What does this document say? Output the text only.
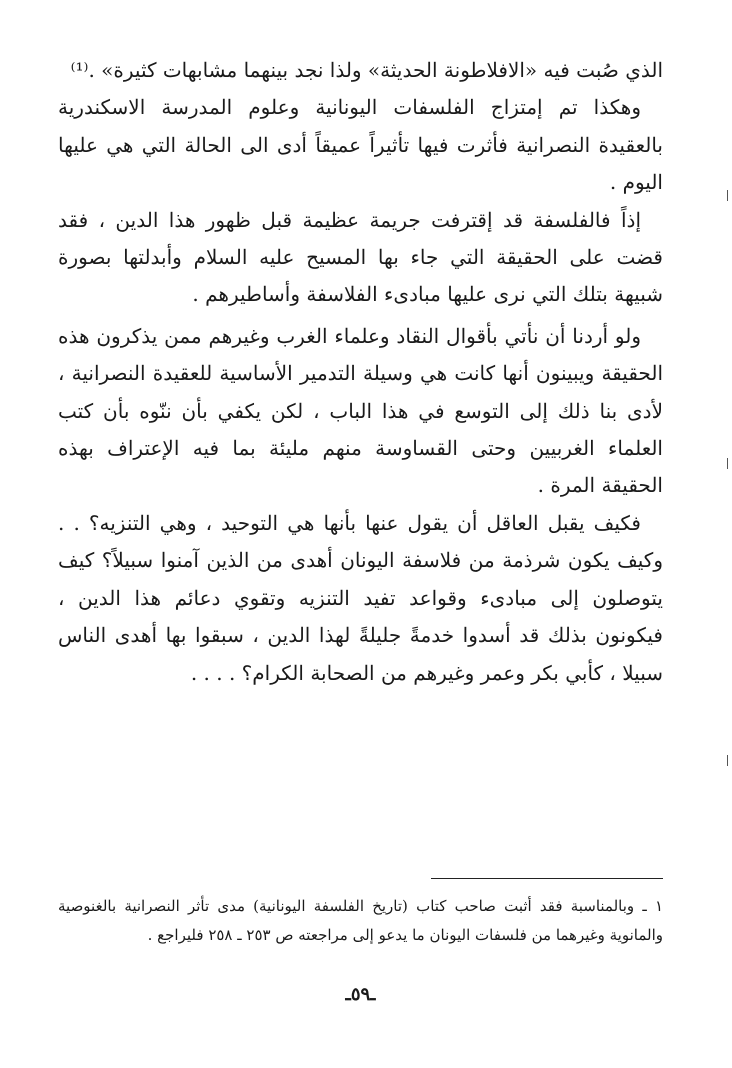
الذي صُبت فيه «الافلاطونة الحديثة» ولذا نجد بينهما مشابهات كثيرة» .⁽¹⁾

وهكذا تم إمتزاج الفلسفات اليونانية وعلوم المدرسة الاسكندرية بالعقيدة النصرانية فأثرت فيها تأثيراً عميقاً أدى الى الحالة التي هي عليها اليوم .

إذاً فالفلسفة قد إقترفت جريمة عظيمة قبل ظهور هذا الدين ، فقد قضت على الحقيقة التي جاء بها المسيح عليه السلام وأبدلتها بصورة شبيهة بتلك التي نرى عليها مبادىء الفلاسفة وأساطيرهم .

ولو أردنا أن نأتي بأقوال النقاد وعلماء الغرب وغيرهم ممن يذكرون هذه الحقيقة ويبينون أنها كانت هي وسيلة التدمير الأساسية للعقيدة النصرانية ، لأدى بنا ذلك إلى التوسع في هذا الباب ، لكن يكفي بأن ننّوه بأن كتب العلماء الغربيين وحتى القساوسة منهم مليئة بما فيه الإعتراف بهذه الحقيقة المرة .

فكيف يقبل العاقل أن يقول عنها بأنها هي التوحيد ، وهي التنزيه؟ . . وكيف يكون شرذمة من فلاسفة اليونان أهدى من الذين آمنوا سبيلاً؟ كيف يتوصلون إلى مبادىء وقواعد تفيد التنزيه وتقوي دعائم هذا الدين ، فيكونون بذلك قد أسدوا خدمةً جليلةً لهذا الدين ، سبقوا بها أهدى الناس سبيلا ، كأبي بكر وعمر وغيرهم من الصحابة الكرام؟ . . . .

١ ـ وبالمناسبة فقد أثبت صاحب كتاب (تاريخ الفلسفة اليونانية) مدى تأثر النصرانية بالغنوصية والمانوية وغيرهما من فلسفات اليونان ما يدعو إلى مراجعته ص ٢٥٣ ـ ٢٥٨ فليراجع .

ـ٥٩ـ
